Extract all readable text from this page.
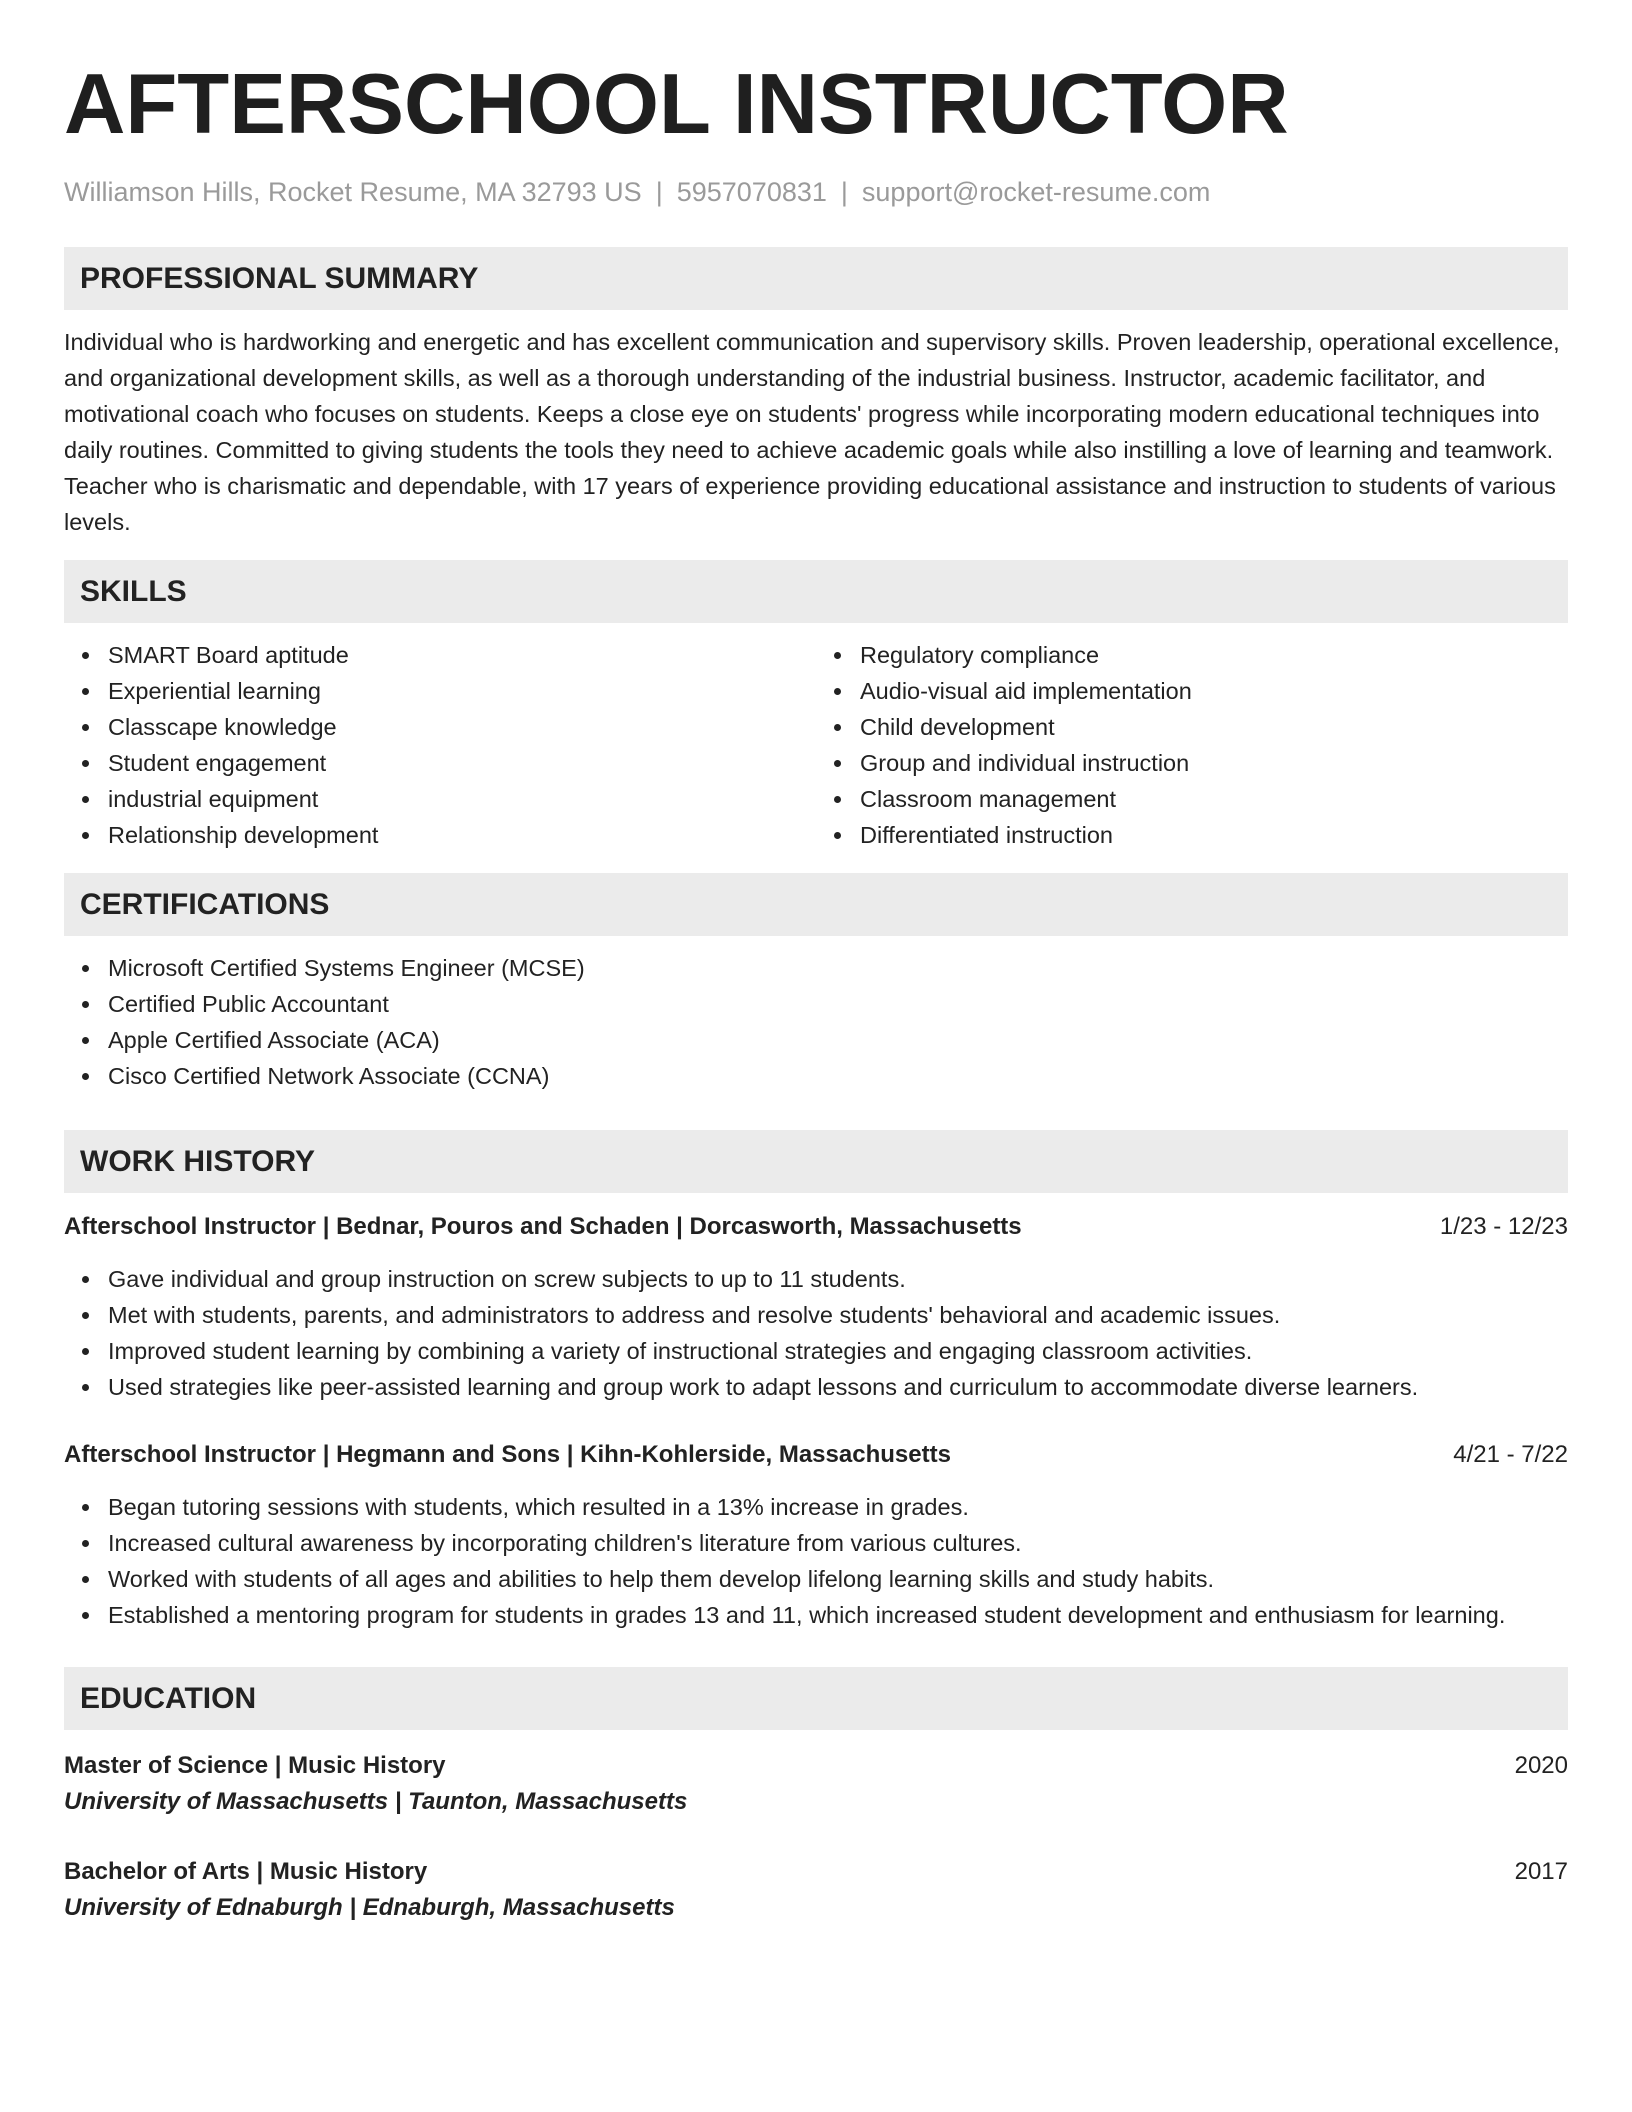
AFTERSCHOOL INSTRUCTOR
Williamson Hills, Rocket Resume, MA 32793 US | 5957070831 | support@rocket-resume.com
PROFESSIONAL SUMMARY

Individual who is hardworking and energetic and has excellent communication and supervisory skills. Proven leadership, operational excellence, and organizational development skills, as well as a thorough understanding of the industrial business. Instructor, academic facilitator, and motivational coach who focuses on students. Keeps a close eye on students' progress while incorporating modern educational techniques into daily routines. Committed to giving students the tools they need to achieve academic goals while also instilling a love of learning and teamwork. Teacher who is charismatic and dependable, with 17 years of experience providing educational assistance and instruction to students of various levels.

SKILLS
SMART Board aptitude
Experiential learning
Classcape knowledge
Student engagement
industrial equipment
Relationship development
Regulatory compliance
Audio-visual aid implementation
Child development
Group and individual instruction
Classroom management
Differentiated instruction
CERTIFICATIONS
Microsoft Certified Systems Engineer (MCSE)
Certified Public Accountant
Apple Certified Associate (ACA)
Cisco Certified Network Associate (CCNA)
WORK HISTORY
Afterschool Instructor | Bednar, Pouros and Schaden | Dorcasworth, Massachusetts	1/23 - 12/23
Gave individual and group instruction on screw subjects to up to 11 students.
Met with students, parents, and administrators to address and resolve students' behavioral and academic issues.
Improved student learning by combining a variety of instructional strategies and engaging classroom activities.
Used strategies like peer-assisted learning and group work to adapt lessons and curriculum to accommodate diverse learners.
Afterschool Instructor | Hegmann and Sons | Kihn-Kohlerside, Massachusetts	4/21 - 7/22
Began tutoring sessions with students, which resulted in a 13% increase in grades.
Increased cultural awareness by incorporating children's literature from various cultures.
Worked with students of all ages and abilities to help them develop lifelong learning skills and study habits.
Established a mentoring program for students in grades 13 and 11, which increased student development and enthusiasm for learning.
EDUCATION
Master of Science | Music History	2020
University of Massachusetts | Taunton, Massachusetts
Bachelor of Arts | Music History	2017
University of Ednaburgh | Ednaburgh, Massachusetts
